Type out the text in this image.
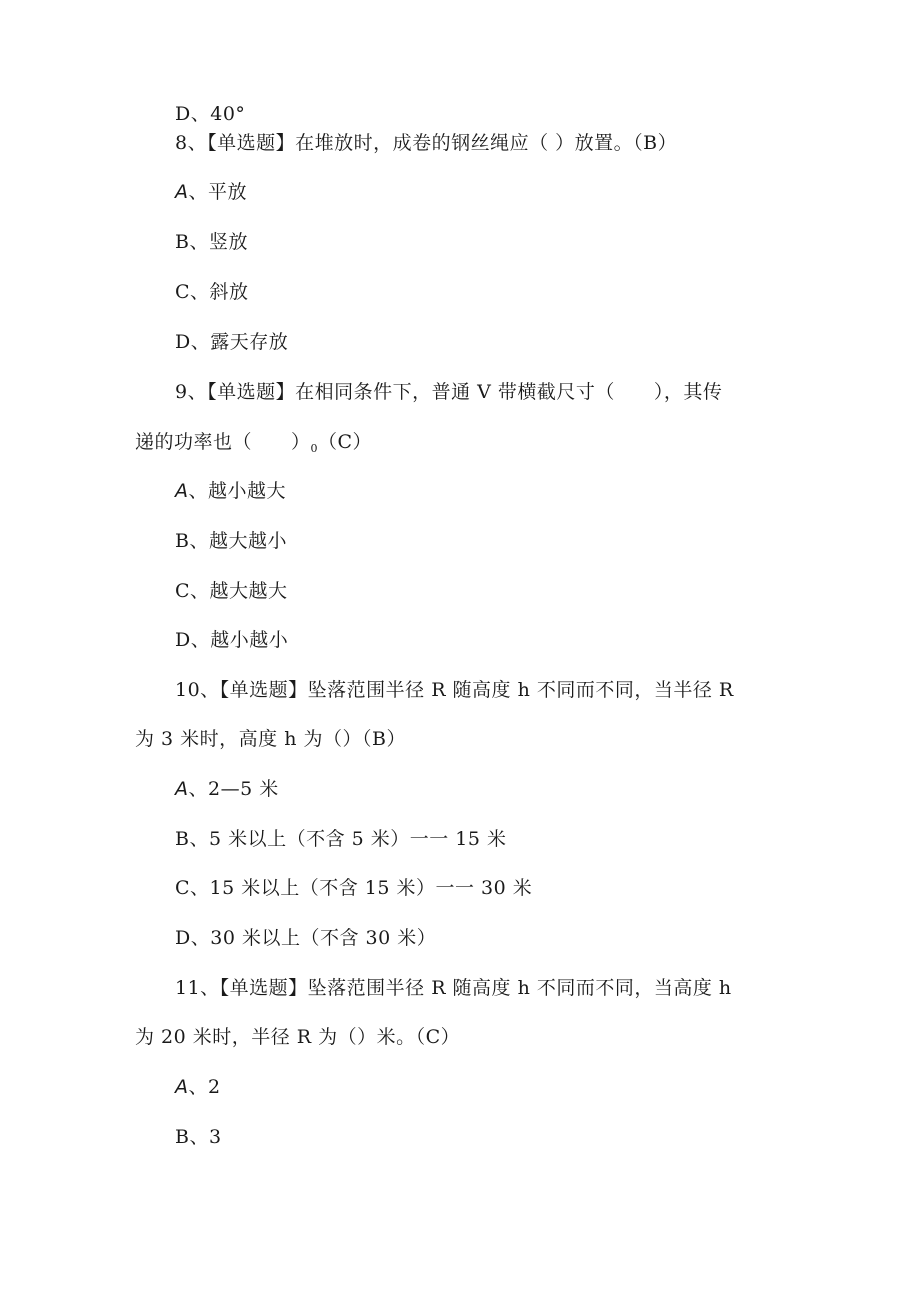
D、40°
8、【单选题】在堆放时，成卷的钢丝绳应（ ）放置。（B）
A、平放
B、竖放
C、斜放
D、露天存放
9、【单选题】在相同条件下，普通 V 带横截尺寸（　　），其传
递的功率也（　　）$_0(C)$
A、越小越大
B、越大越小
C、越大越大
D、越小越小
10、【单选题】坠落范围半径 R 随高度 h 不同而不同，当半径 R
为 3 米时，高度 h 为（）（B）
A、2—5 米
B、5 米以上（不含 5 米）一一 15 米
C、15 米以上（不含 15 米）一一 30 米
D、30 米以上（不含 30 米）
11、【单选题】坠落范围半径 R 随高度 h 不同而不同，当高度 h
为 20 米时，半径 R 为（）米。（C）
A、2
B、3
